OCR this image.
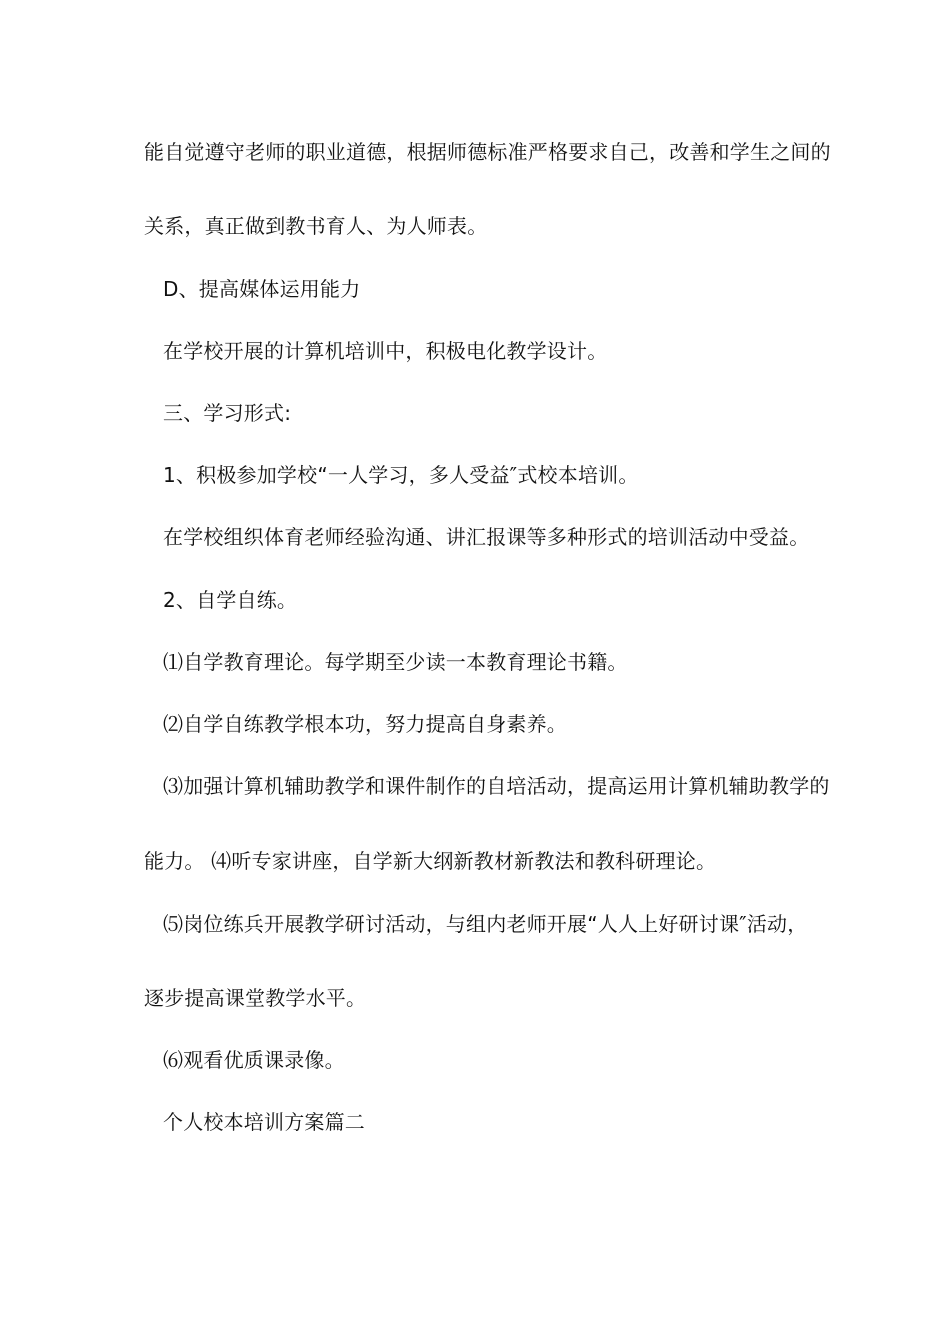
能自觉遵守老师的职业道德，根据师德标准严格要求自己，改善和学生之间的
关系，真正做到教书育人、为人师表。
D、提高媒体运用能力
在学校开展的计算机培训中，积极电化教学设计。
三、学习形式:
1、积极参加学校“一人学习，多人受益″式校本培训。
在学校组织体育老师经验沟通、讲汇报课等多种形式的培训活动中受益。
2、自学自练。
⑴自学教育理论。每学期至少读一本教育理论书籍。
⑵自学自练教学根本功，努力提高自身素养。
⑶加强计算机辅助教学和课件制作的自培活动，提高运用计算机辅助教学的
能力。 ⑷听专家讲座，自学新大纲新教材新教法和教科研理论。
⑸岗位练兵开展教学研讨活动，与组内老师开展“人人上好研讨课″活动，
逐步提高课堂教学水平。
⑹观看优质课录像。
个人校本培训方案篇二
